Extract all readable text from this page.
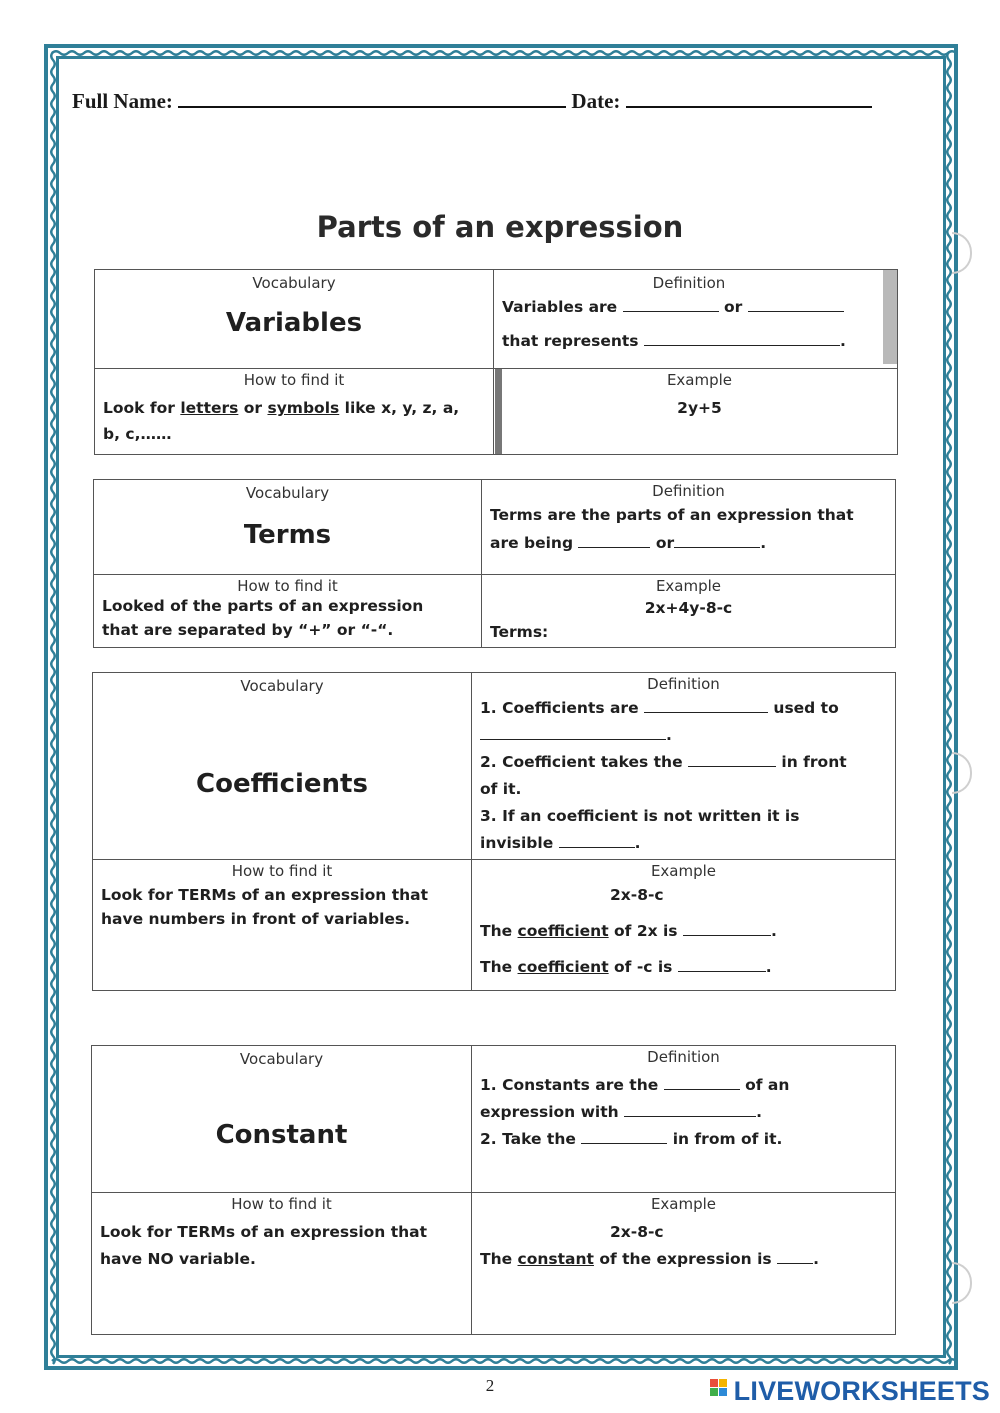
Full Name:	Date:
Parts of an expression
Vocabulary
Variables
Definition
Variables are	or
that represents	.
How to find it
Look for letters or symbols like x, y, z, a,
b, c,……
Example
2y+5
Vocabulary
Terms
Definition
Terms are the parts of an expression that
are being	or	.
How to find it
Looked of the parts of an expression
that are separated by “+” or “-“.
Example
2x+4y-8-c
Terms:
Vocabulary
Coefficients
Definition
1. Coefficients are	used to
.
2. Coefficient takes the	in front
of it.
3. If an coefficient is not written it is
invisible	.
How to find it
Look for TERMs of an expression that
have numbers in front of variables.
Example
2x-8-c
The coefficient of 2x is	.
The coefficient of -c is	.
Vocabulary
Constant
Definition
1. Constants are the	of an
expression with	.
2. Take the	in from of it.
How to find it
Look for TERMs of an expression that
have NO variable.
Example
2x-8-c
The constant of the expression is	.
2	LIVEWORKSHEETS
